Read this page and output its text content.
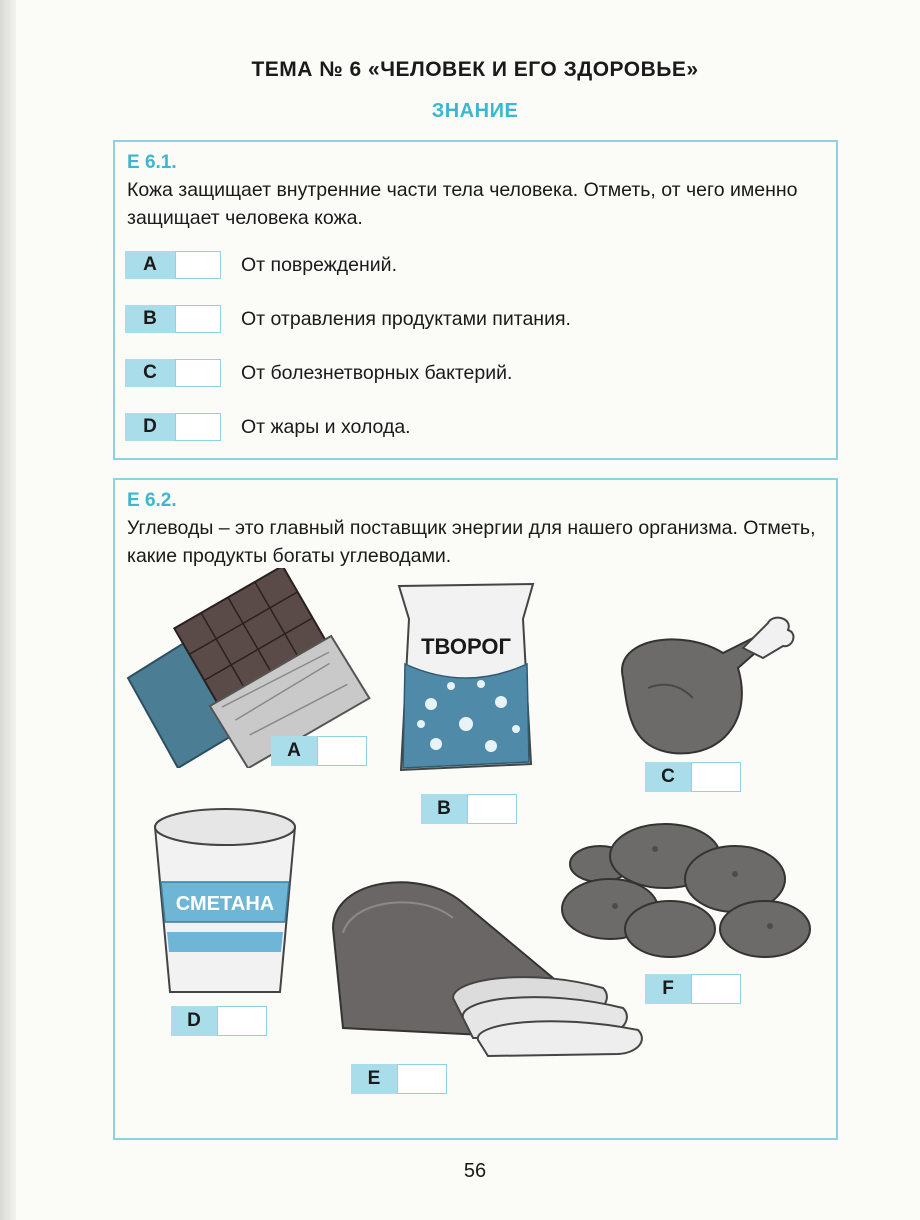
ТЕМА № 6 «ЧЕЛОВЕК И ЕГО ЗДОРОВЬЕ»
ЗНАНИЕ
Е 6.1.
Кожа защищает внутренние части тела человека. Отметь, от чего именно защищает человека кожа.
A	От повреждений.
B	От отравления продуктами питания.
C	От болезнетворных бактерий.
D	От жары и холода.
Е 6.2.
Углеводы – это главный поставщик энергии для нашего организма. Отметь, какие продукты богаты углеводами.
A
ТВОРОГ
B
C
СМЕТАНА
D
E
F
56
